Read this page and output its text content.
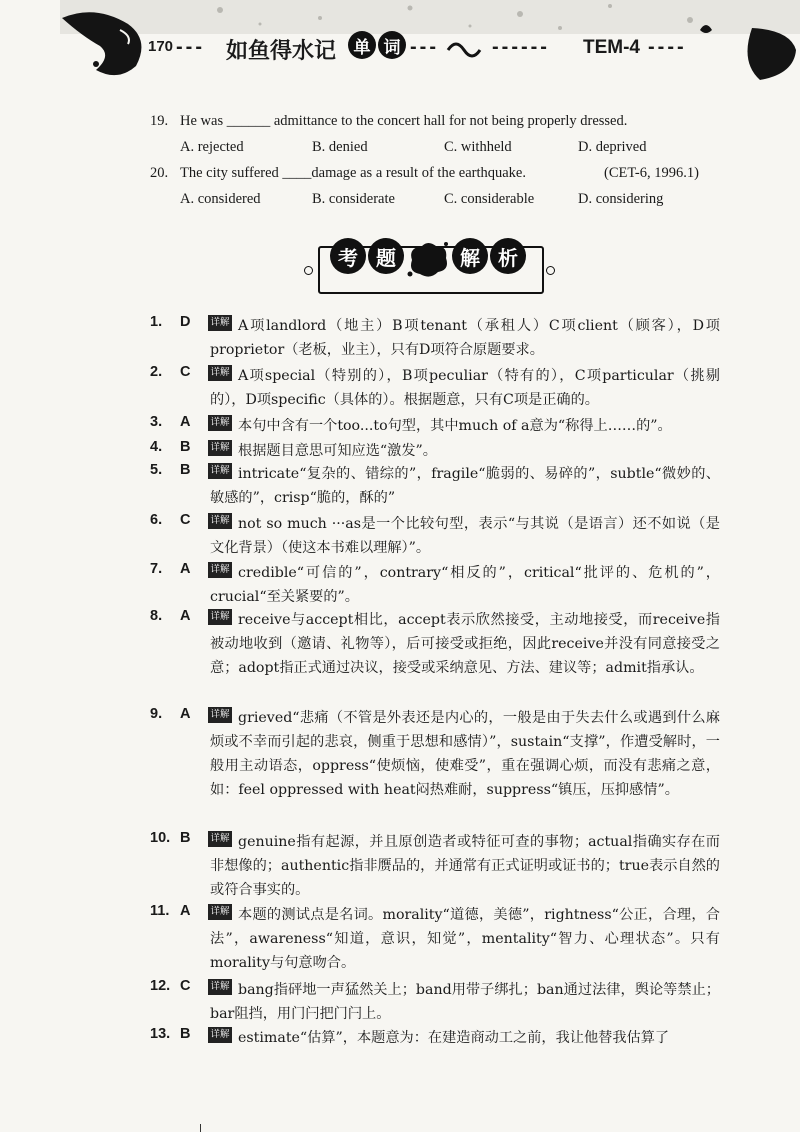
170 --- 如鱼得水记	单 词 ---	------ TEM-4 ----
19. He was ______ admittance to the concert hall for not being properly dressed.
A. rejected	B. denied	C. withheld	D. deprived
20. The city suffered ____damage as a result of the earthquake.	(CET-6, 1996.1)
A. considered	B. considerate	C. considerable	D. considering
考 题	解 析
1. D 详解 A项landlord（地主）B项tenant（承租人）C项client（顾客），D项proprietor（老板，业主），只有D项符合原题要求。
2. C 详解 A项special（特别的），B项peculiar（特有的），C项particular（挑剔的），D项specific（具体的）。根据题意，只有C项是正确的。
3. A 详解 本句中含有一个too...to句型，其中much of a意为“称得上……的”。
4. B 详解 根据题目意思可知应选“激发”。
5. B 详解 intricate“复杂的、错综的”，fragile“脆弱的、易碎的”，subtle“微妙的、敏感的”，crisp“脆的，酥的”
6. C 详解 not so much ···as是一个比较句型，表示“与其说（是语言）还不如说（是文化背景）（使这本书难以理解）”。
7. A 详解 credible“可信的”，contrary“相反的”，critical“批评的、危机的”，crucial“至关紧要的”。
8. A 详解 receive与accept相比，accept表示欣然接受，主动地接受，而receive指被动地收到（邀请、礼物等），后可接受或拒绝，因此receive并没有同意接受之意；adopt指正式通过决议，接受或采纳意见、方法、建议等；admit指承认。
9. A 详解 grieved“悲痛（不管是外表还是内心的，一般是由于失去什么或遇到什么麻烦或不幸而引起的悲哀，侧重于思想和感情）”，sustain“支撑”，作遭受解时，一般用主动语态，oppress“使烦恼，使难受”，重在强调心烦，而没有悲痛之意，如：feel oppressed with heat闷热难耐，suppress“镇压，压抑感情”。
10. B 详解 genuine指有起源，并且原创造者或特征可查的事物；actual指确实存在而非想像的；authentic指非赝品的，并通常有正式证明或证书的；true表示自然的或符合事实的。
11. A 详解 本题的测试点是名词。morality“道德，美德”，rightness“公正，合理，合法”，awareness“知道，意识，知觉”，mentality“智力、心理状态”。只有morality与句意吻合。
12. C 详解 bang指砰地一声猛然关上；band用带子绑扎；ban通过法律，舆论等禁止；bar阻挡，用门闩把门闩上。
13. B 详解 estimate“估算”，本题意为：在建造商动工之前，我让他替我估算了
